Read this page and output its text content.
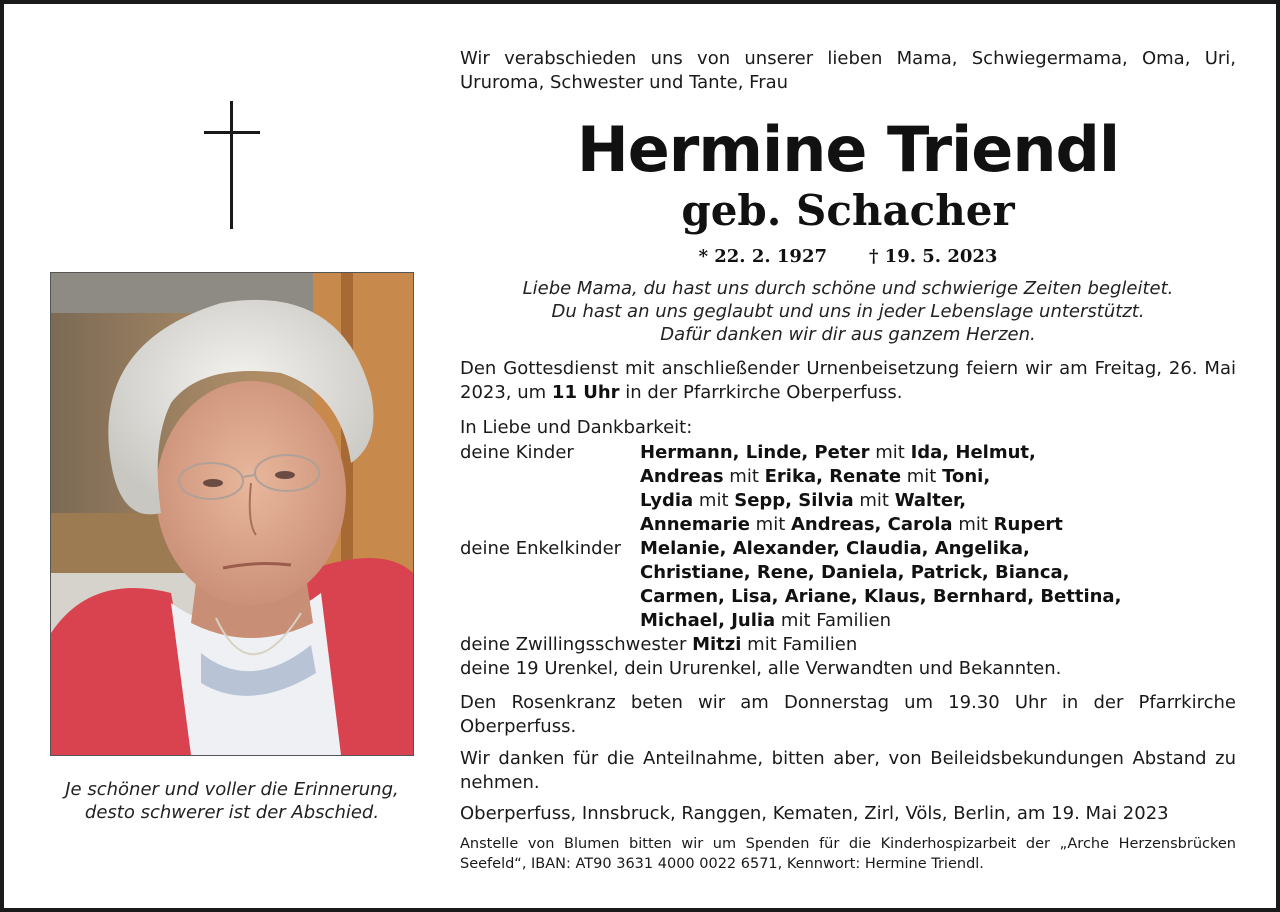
Je schöner und voller die Erinnerung,
desto schwerer ist der Abschied.

Wir verabschieden uns von unserer lieben Mama, Schwiegermama, Oma, Uri, Ururoma, Schwester und Tante, Frau

Hermine Triendl
geb. Schacher
* 22. 2. 1927 † 19. 5. 2023
Liebe Mama, du hast uns durch schöne und schwierige Zeiten begleitet.
Du hast an uns geglaubt und uns in jeder Lebenslage unterstützt.
Dafür danken wir dir aus ganzem Herzen.

Den Gottesdienst mit anschließender Urnenbeisetzung feiern wir am Freitag, 26. Mai 2023, um 11 Uhr in der Pfarrkirche Oberperfuss.

In Liebe und Dankbarkeit:
deine Kinder	Hermann, Linde, Peter mit Ida, Helmut,
Andreas mit Erika, Renate mit Toni,
Lydia mit Sepp, Silvia mit Walter,
Annemarie mit Andreas, Carola mit Rupert
deine Enkelkinder	Melanie, Alexander, Claudia, Angelika,
Christiane, Rene, Daniela, Patrick, Bianca,
Carmen, Lisa, Ariane, Klaus, Bernhard, Bettina,
Michael, Julia mit Familien
deine Zwillingsschwester Mitzi mit Familien
deine 19 Urenkel, dein Ururenkel, alle Verwandten und Bekannten.

Den Rosenkranz beten wir am Donnerstag um 19.30 Uhr in der Pfarrkirche Oberperfuss.

Wir danken für die Anteilnahme, bitten aber, von Beileidsbekundungen Abstand zu nehmen.

Oberperfuss, Innsbruck, Ranggen, Kematen, Zirl, Völs, Berlin, am 19. Mai 2023

Anstelle von Blumen bitten wir um Spenden für die Kinderhospizarbeit der „Arche Herzensbrücken Seefeld“, IBAN: AT90 3631 4000 0022 6571, Kennwort: Hermine Triendl.
